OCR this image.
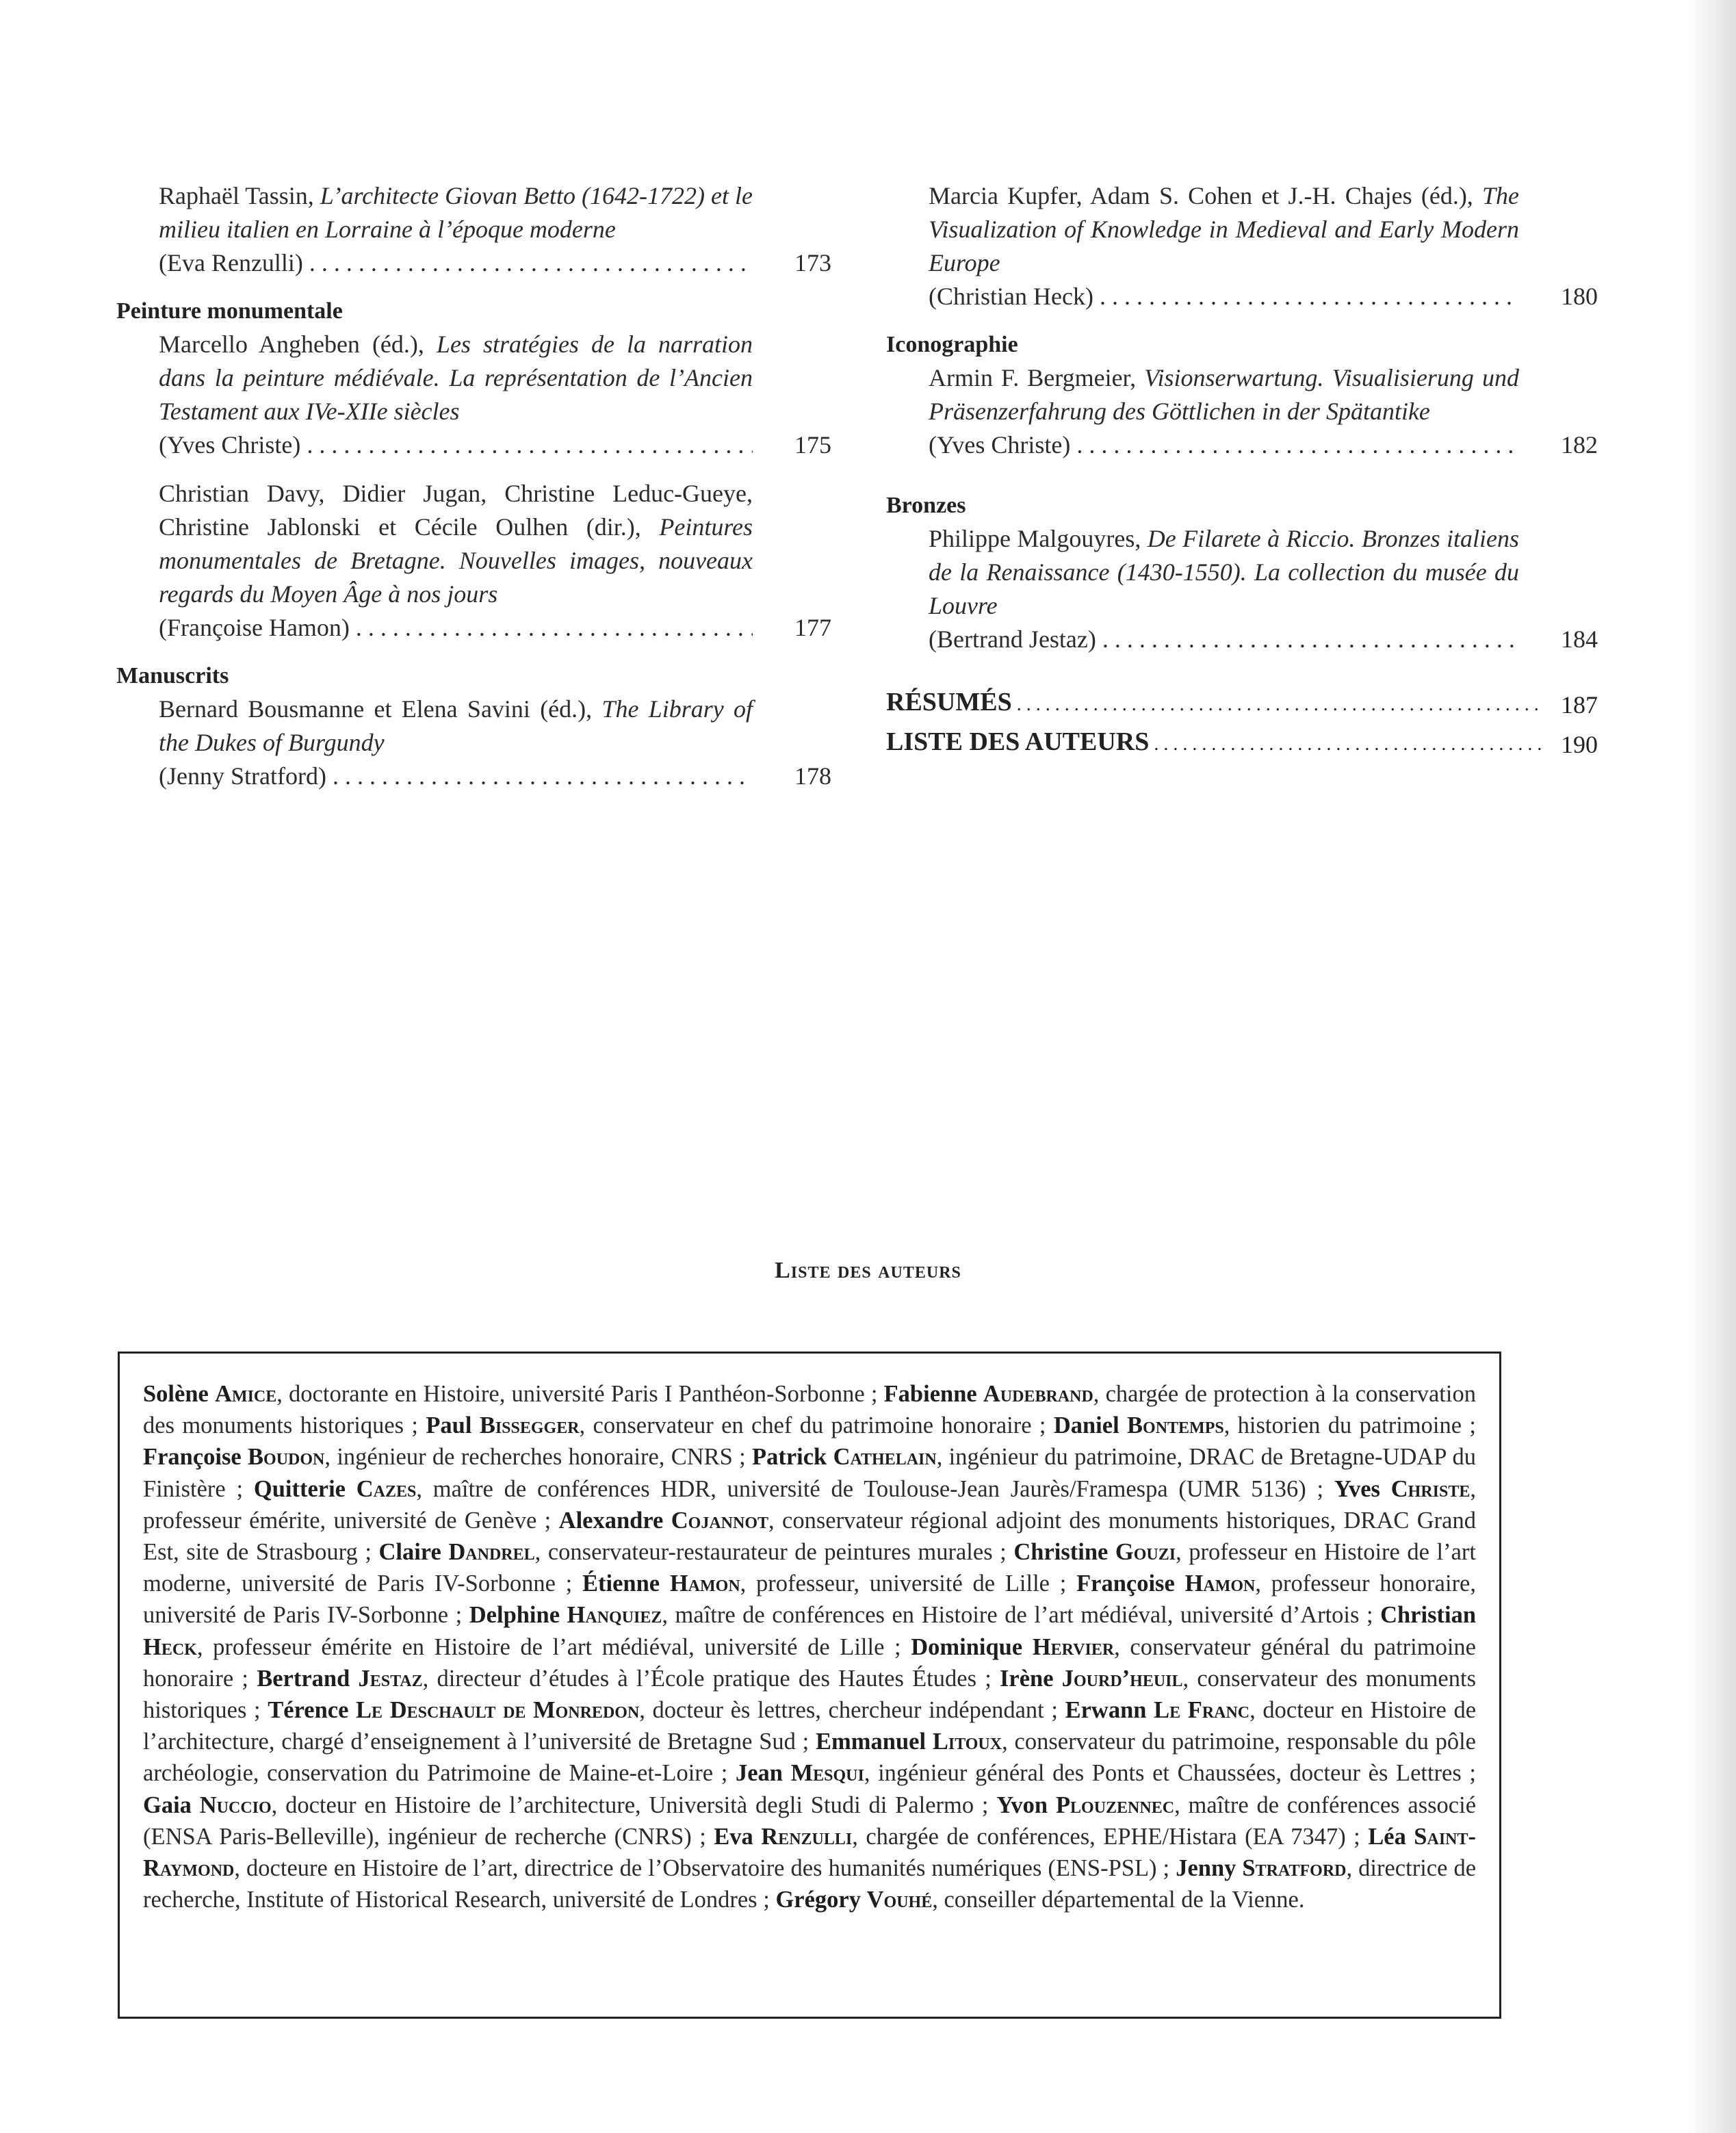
Raphaël Tassin, L’architecte Giovan Betto (1642-1722) et le milieu italien en Lorraine à l’époque moderne
(Eva Renzulli) . . .	173

Peinture monumentale

Marcello Angheben (éd.), Les stratégies de la narration dans la peinture médiévale. La représentation de l’Ancien Testament aux IVe-XIIe siècles
(Yves Christe) . . .	175

Christian Davy, Didier Jugan, Christine Leduc-Gueye, Christine Jablonski et Cécile Oulhen (dir.), Peintures monumentales de Bretagne. Nouvelles images, nouveaux regards du Moyen Âge à nos jours
(Françoise Hamon) . . .	177

Manuscrits

Bernard Bousmanne et Elena Savini (éd.), The Library of the Dukes of Burgundy
(Jenny Stratford) . . .	178

Marcia Kupfer, Adam S. Cohen et J.-H. Chajes (éd.), The Visualization of Knowledge in Medieval and Early Modern Europe
(Christian Heck) . . .	180

Iconographie

Armin F. Bergmeier, Visionserwartung. Visualisierung und Präsenzerfahrung des Göttlichen in der Spätantike
(Yves Christe) . . .	182

Bronzes

Philippe Malgouyres, De Filarete à Riccio. Bronzes italiens de la Renaissance (1430-1550). La collection du musée du Louvre
(Bertrand Jestaz) . . .	184

RÉSUMÉS . . .	187
LISTE DES AUTEURS . . .	190
Liste des auteurs

Solène Amice, doctorante en Histoire, université Paris I Panthéon-Sorbonne ; Fabienne Audebrand, chargée de protection à la conservation des monuments historiques ; Paul Bissegger, conservateur en chef du patrimoine honoraire ; Daniel Bontemps, historien du patrimoine ; Françoise Boudon, ingénieur de recherches honoraire, CNRS ; Patrick Cathelain, ingénieur du patrimoine, DRAC de Bretagne-UDAP du Finistère ; Quitterie Cazes, maître de conférences HDR, université de Toulouse-Jean Jaurès/Framespa (UMR 5136) ; Yves Christe, professeur émérite, université de Genève ; Alexandre Cojannot, conservateur régional adjoint des monuments historiques, DRAC Grand Est, site de Strasbourg ; Claire Dandrel, conservateur-restaurateur de peintures murales ; Christine Gouzi, professeur en Histoire de l’art moderne, université de Paris IV-Sorbonne ; Étienne Hamon, professeur, université de Lille ; Françoise Hamon, professeur honoraire, université de Paris IV-Sorbonne ; Delphine Hanquiez, maître de conférences en Histoire de l’art médiéval, université d’Artois ; Christian Heck, professeur émérite en Histoire de l’art médiéval, université de Lille ; Dominique Hervier, conservateur général du patrimoine honoraire ; Bertrand Jestaz, directeur d’études à l’École pratique des Hautes Études ; Irène Jourd’heuil, conservateur des monuments historiques ; Térence Le Deschault de Monredon, docteur ès lettres, chercheur indépendant ; Erwann Le Franc, docteur en Histoire de l’architecture, chargé d’enseignement à l’université de Bretagne Sud ; Emmanuel Litoux, conservateur du patrimoine, responsable du pôle archéologie, conservation du Patrimoine de Maine-et-Loire ; Jean Mesqui, ingénieur général des Ponts et Chaussées, docteur ès Lettres ; Gaia Nuccio, docteur en Histoire de l’architecture, Università degli Studi di Palermo ; Yvon Plouzennec, maître de conférences associé (ENSA Paris-Belleville), ingénieur de recherche (CNRS) ; Eva Renzulli, chargée de conférences, EPHE/Histara (EA 7347) ; Léa Saint-Raymond, docteure en Histoire de l’art, directrice de l’Observatoire des humanités numériques (ENS-PSL) ; Jenny Stratford, directrice de recherche, Institute of Historical Research, université de Londres ; Grégory Vouhé, conseiller départemental de la Vienne.
